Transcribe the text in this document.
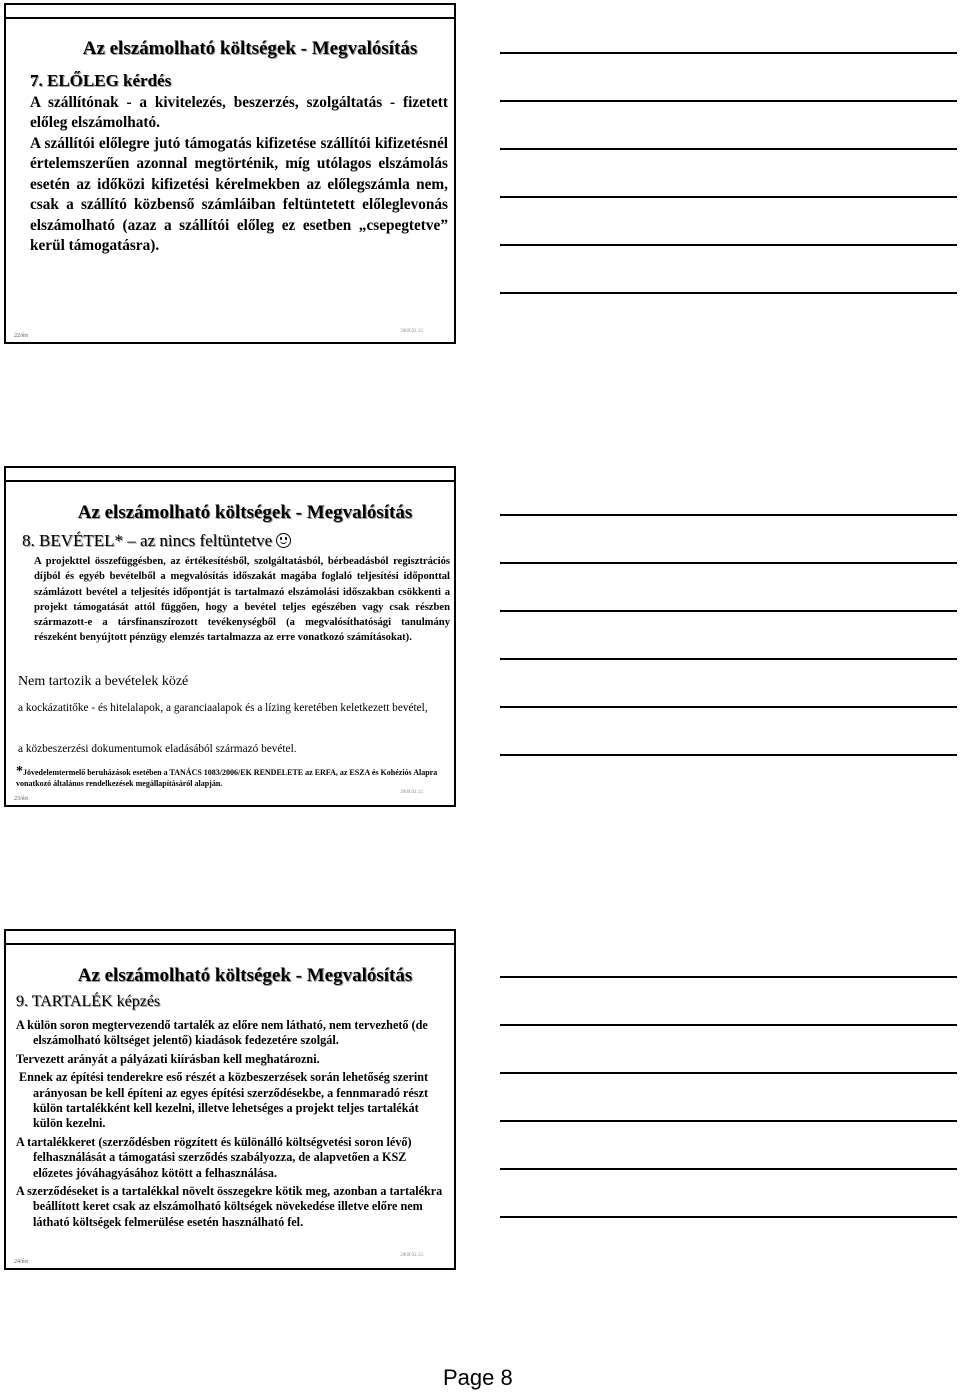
Az elszámolható költségek - Megvalósítás

7. ELŐLEG kérdés

A szállítónak - a kivitelezés, beszerzés, szolgáltatás - fizetett előleg elszámolható.

A szállítói előlegre jutó támogatás kifizetése szállítói kifizetésnél értelemszerűen azonnal megtörténik, míg utólagos elszámolás esetén az időközi kifizetési kérelmekben az előlegszámla nem, csak a szállító közbenső számláiban feltüntetett előleglevonás elszámolható (azaz a szállítói előleg ez esetben „csepegtetve” kerül támogatásra).

22/ért
2009.02.12.
Az elszámolható költségek - Megvalósítás
8. BEVÉTEL* – az nincs feltüntetve
A projekttel összefüggésben, az értékesítésből, szolgáltatásból, bérbeadásból regisztrációs díjból és egyéb bevételből a megvalósítás időszakát magába foglaló teljesítési időponttal számlázott bevétel a teljesítés időpontját is tartalmazó elszámolási időszakban csökkenti a projekt támogatását attól függően, hogy a bevétel teljes egészében vagy csak részben származott-e a társfinanszírozott tevékenységből (a megvalósíthatósági tanulmány részeként benyújtott pénzügy elemzés tartalmazza az erre vonatkozó számításokat).
Nem tartozik a bevételek közé
a kockázatitőke - és hitelalapok, a garanciaalapok és a lízing keretében keletkezett bevétel,
a közbeszerzési dokumentumok eladásából származó bevétel.
*Jövedelemtermelő beruházások esetében a TANÁCS 1083/2006/EK RENDELETE az ERFA, az ESZA és Kohéziós Alapra vonatkozó általános rendelkezések megállapításáról alapján.
23/ért
2009.02.12.
Az elszámolható költségek - Megvalósítás
9. TARTALÉK képzés
A külön soron megtervezendő tartalék az előre nem látható, nem tervezhető (de elszámolható költséget jelentő) kiadások fedezetére szolgál.
Tervezett arányát a pályázati kiírásban kell meghatározni.
Ennek az építési tenderekre eső részét a közbeszerzések során lehetőség szerint arányosan be kell építeni az egyes építési szerződésekbe, a fennmaradó részt külön tartalékként kell kezelni, illetve lehetséges a projekt teljes tartalékát külön kezelni.
A tartalékkeret (szerződésben rögzített és különálló költségvetési soron lévő) felhasználását a támogatási szerződés szabályozza, de alapvetően a KSZ előzetes jóváhagyásához kötött a felhasználása.
A szerződéseket is a tartalékkal növelt összegekre kötik meg, azonban a tartalékra beállított keret csak az elszámolható költségek növekedése illetve előre nem látható költségek felmerülése esetén használható fel.
24/ért
2009.02.12.
Page 8
